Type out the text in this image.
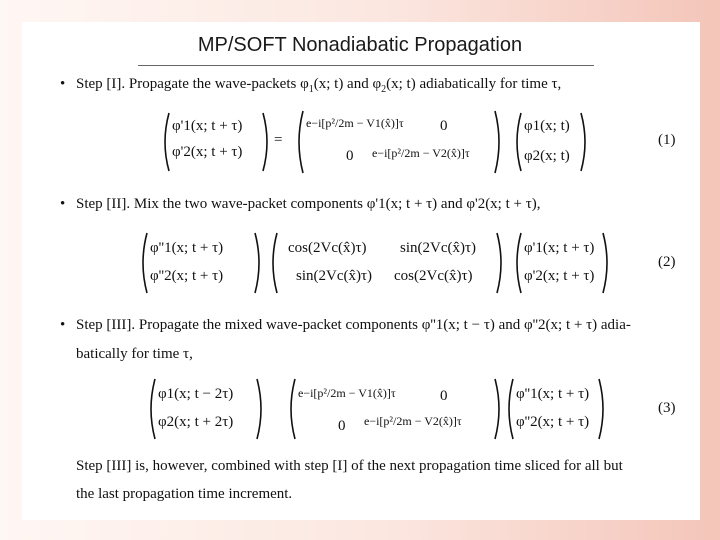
MP/SOFT Nonadiabatic Propagation
• Step [I]. Propagate the wave-packets $\varphi_1(x$; t) and $\varphi_2(x$; t) adiabatically for time τ,
φ'1(x; t + τ)
φ'2(x; t + τ)
=
e−i[p²/2m − V1(x̂)]τ 0
0 e−i[p²/2m − V2(x̂)]τ
φ1(x; t)
φ2(x; t)
(1)
• Step [II]. Mix the two wave-packet components φ'1(x; t + τ) and φ'2(x; t + τ),
φ''1(x; t + τ)
φ''2(x; t + τ)
cos(2Vc(x̂)τ) sin(2Vc(x̂)τ)
sin(2Vc(x̂)τ) cos(2Vc(x̂)τ)
φ'1(x; t + τ)
φ'2(x; t + τ)
(2)
• Step [III]. Propagate the mixed wave-packet components φ''1(x; t − τ) and φ''2(x; t + τ) adia-
batically for time τ,
φ1(x; t − 2τ)
φ2(x; t + 2τ)
e−i[p²/2m − V1(x̂)]τ	0
0 e−i[p²/2m − V2(x̂)]τ
φ''1(x; t + τ)
φ''2(x; t + τ)
(3)
Step [III] is, however, combined with step [I] of the next propagation time sliced for all but
the last propagation time increment.
